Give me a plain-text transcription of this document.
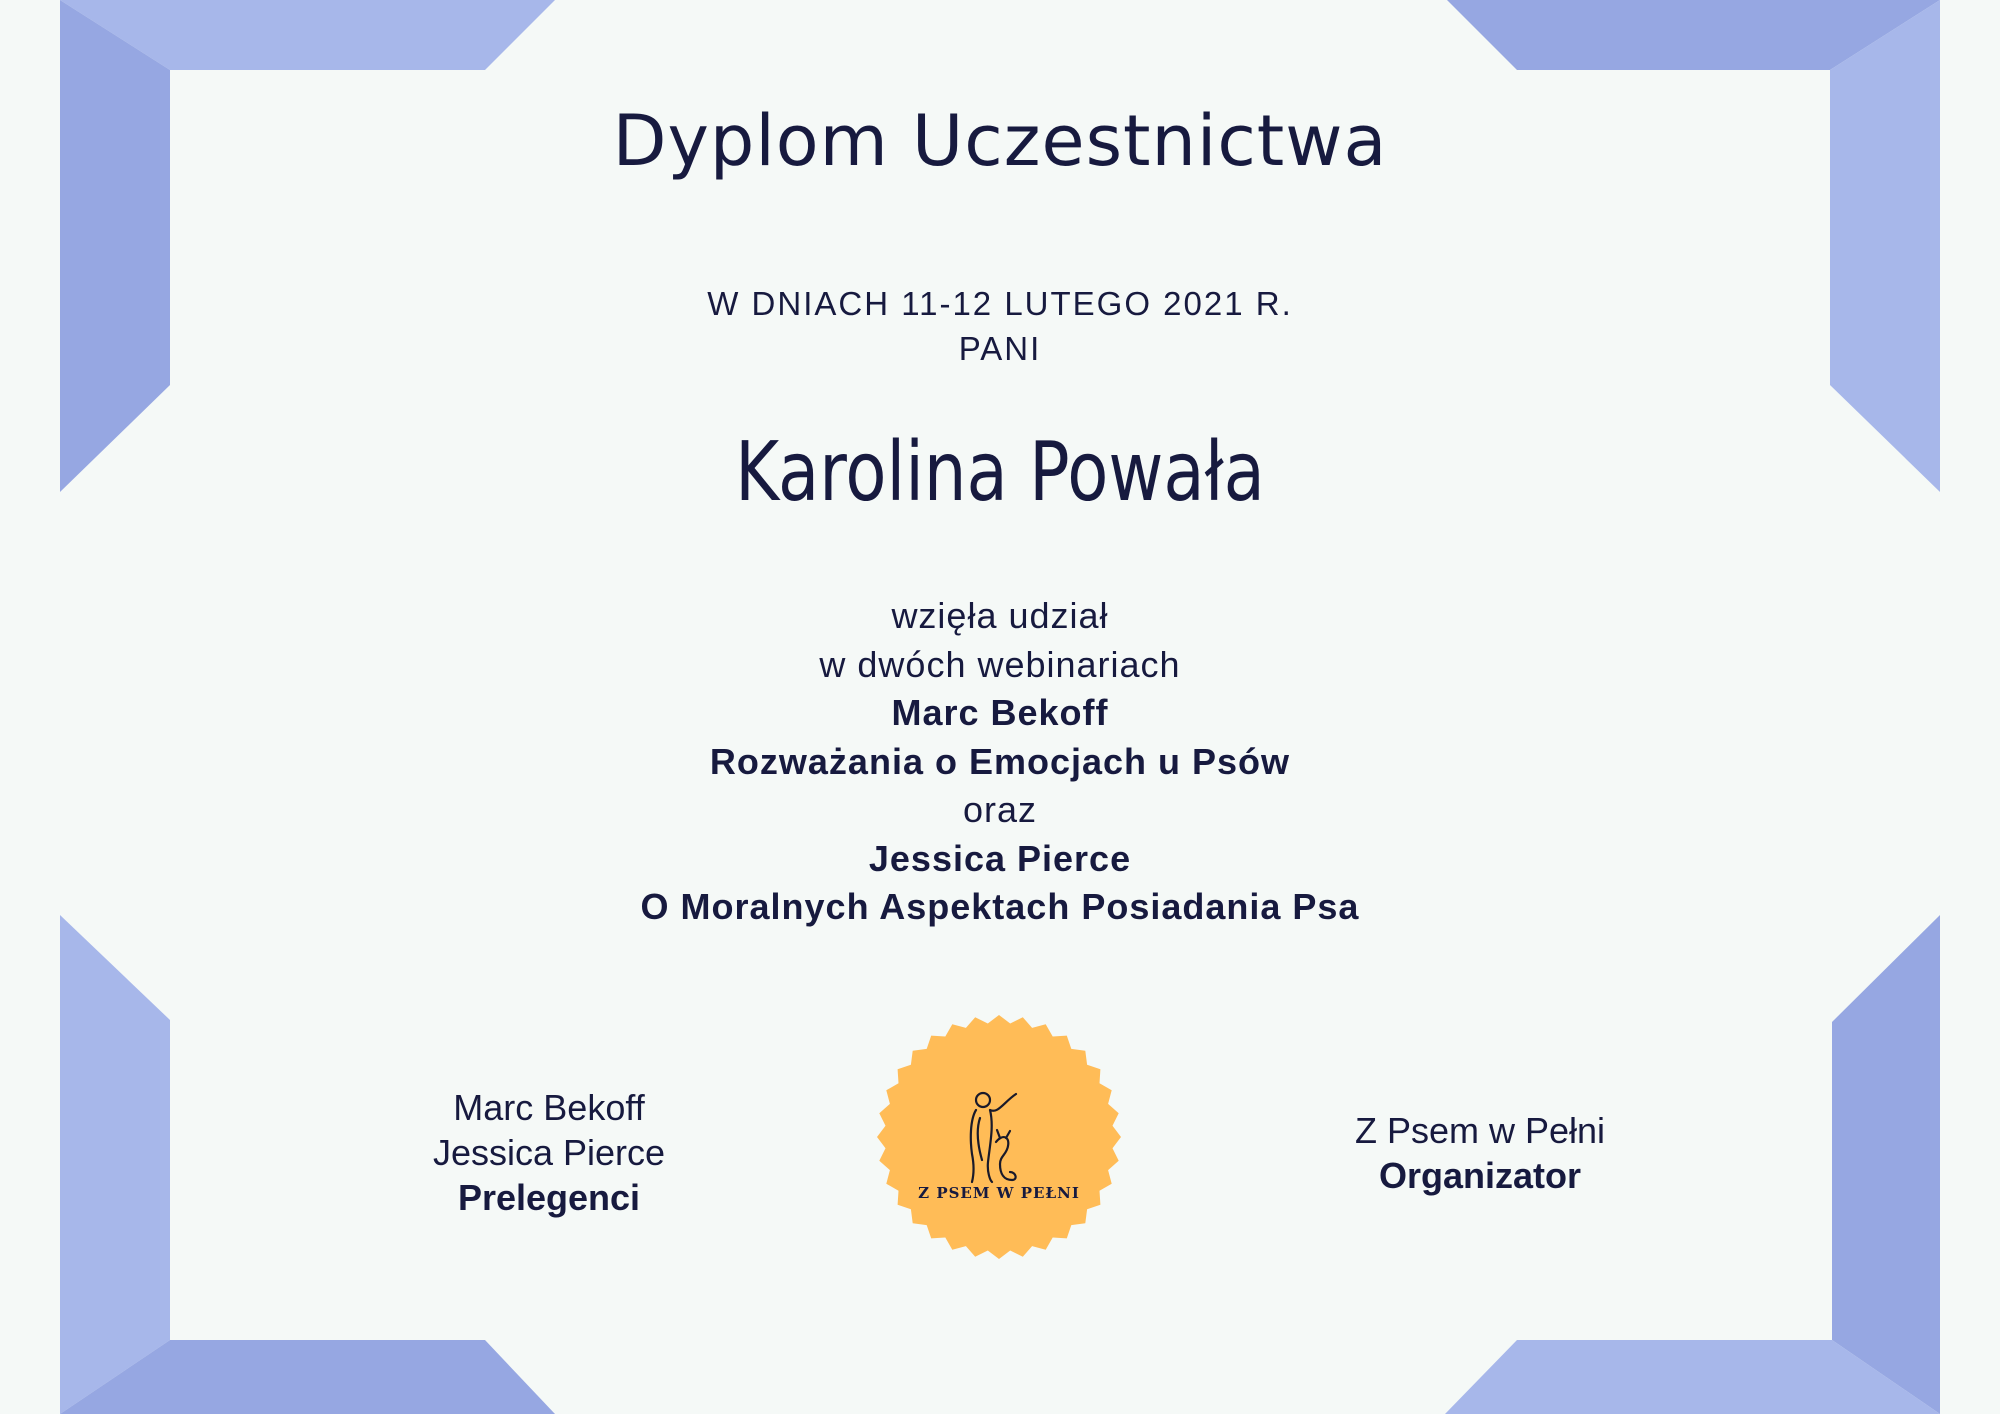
Dyplom Uczestnictwa
W DNIACH 11-12 LUTEGO 2021 R.
PANI
Karolina Powała
wzięła udział
w dwóch webinariach
Marc Bekoff
Rozważania o Emocjach u Psów
oraz
Jessica Pierce
O Moralnych Aspektach Posiadania Psa
Marc Bekoff
Jessica Pierce
Prelegenci	Z PSEM W PEŁNI
Z Psem w Pełni
Organizator
